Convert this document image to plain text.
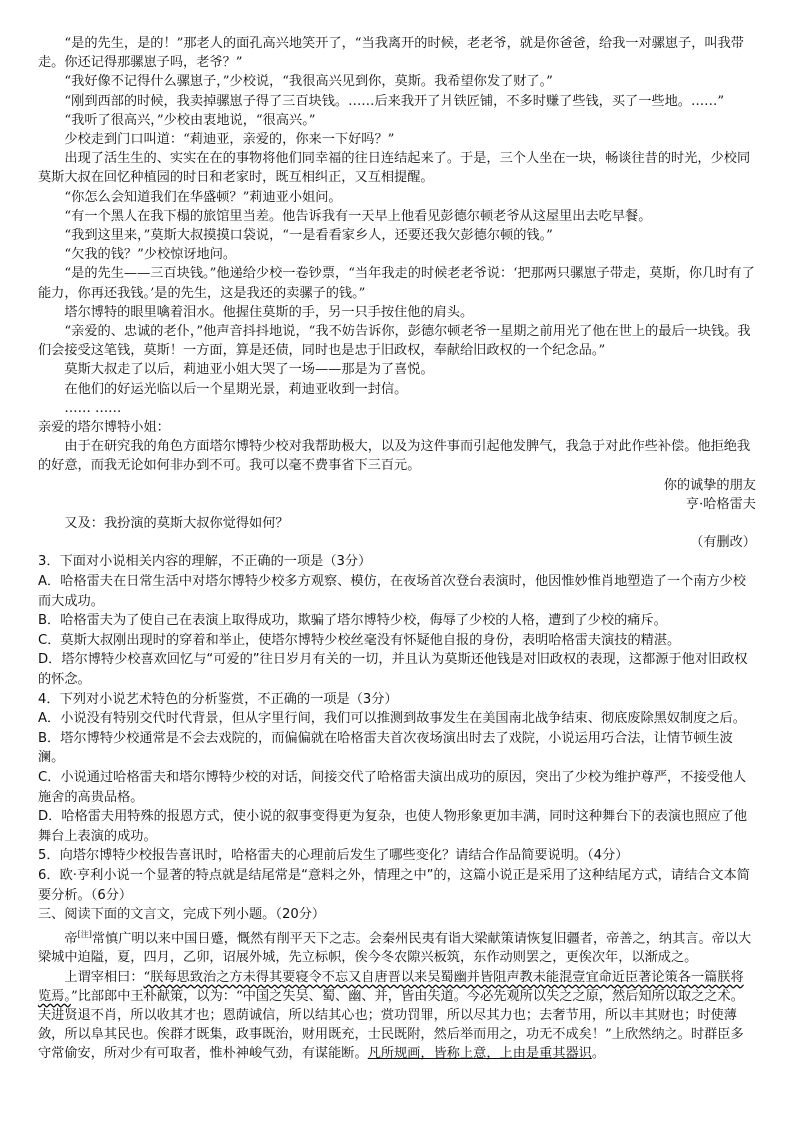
“是的先生，是的！”那老人的面孔高兴地笑开了，“当我离开的时候，老老爷，就是你爸爸，给我一对骡崽子，叫我带走。你还记得那骡崽子吗，老爷？”

“我好像不记得什么骡崽子，”少校说，“我很高兴见到你，莫斯。我希望你发了财了。”

“刚到西部的时候，我卖掉骡崽子得了三百块钱。……后来我开了爿铁匠铺，不多时赚了些钱，买了一些地。……”

“我听了很高兴，”少校由衷地说，“很高兴。”

少校走到门口叫道：“莉迪亚，亲爱的，你来一下好吗？”

出现了活生生的、实实在在的事物将他们同幸福的往日连结起来了。于是，三个人坐在一块，畅谈往昔的时光，少校同莫斯大叔在回忆种植园的时日和老家时，既互相纠正，又互相提醒。

“你怎么会知道我们在华盛顿？”莉迪亚小姐问。

“有一个黑人在我下榻的旅馆里当差。他告诉我有一天早上他看见彭德尔顿老爷从这屋里出去吃早餐。

“我到这里来，”莫斯大叔摸摸口袋说，“一是看看家乡人，还要还我欠彭德尔顿的钱。”

“欠我的钱？”少校惊讶地问。

“是的先生——三百块钱。”他递给少校一卷钞票，“当年我走的时候老老爷说：‘把那两只骡崽子带走，莫斯，你几时有了能力，你再还我钱。’是的先生，这是我还的卖骡子的钱。”

塔尔博特的眼里噙着泪水。他握住莫斯的手，另一只手按住他的肩头。

“亲爱的、忠诚的老仆，”他声音抖抖地说，“我不妨告诉你，彭德尔顿老爷一星期之前用光了他在世上的最后一块钱。我们会接受这笔钱，莫斯！一方面，算是还债，同时也是忠于旧政权，奉献给旧政权的一个纪念品。”

莫斯大叔走了以后，莉迪亚小姐大哭了一场——那是为了喜悦。

在他们的好运光临以后一个星期光景，莉迪亚收到一封信。

…… ……

亲爱的塔尔博特小姐：

由于在研究我的角色方面塔尔博特少校对我帮助极大，以及为这件事而引起他发脾气，我急于对此作些补偿。他拒绝我的好意，而我无论如何非办到不可。我可以毫不费事省下三百元。

你的诚挚的朋友

亨·哈格雷夫

又及：我扮演的莫斯大叔你觉得如何？

（有删改）

3．下面对小说相关内容的理解，不正确的一项是（3分）

A．哈格雷夫在日常生活中对塔尔博特少校多方观察、模仿，在夜场首次登台表演时，他因惟妙惟肖地塑造了一个南方少校而大成功。

B．哈格雷夫为了使自己在表演上取得成功，欺骗了塔尔博特少校，侮辱了少校的人格，遭到了少校的痛斥。

C．莫斯大叔刚出现时的穿着和举止，使塔尔博特少校丝毫没有怀疑他自报的身份，表明哈格雷夫演技的精湛。

D．塔尔博特少校喜欢回忆与“可爱的”往日岁月有关的一切，并且认为莫斯还他钱是对旧政权的表现，这都源于他对旧政权的怀念。

4．下列对小说艺术特色的分析鉴赏，不正确的一项是（3分）

A．小说没有特别交代时代背景，但从字里行间，我们可以推测到故事发生在美国南北战争结束、彻底废除黑奴制度之后。

B．塔尔博特少校通常是不会去戏院的，而偏偏就在哈格雷夫首次夜场演出时去了戏院，小说运用巧合法，让情节顿生波澜。

C．小说通过哈格雷夫和塔尔博特少校的对话，间接交代了哈格雷夫演出成功的原因，突出了少校为维护尊严，不接受他人施舍的高贵品格。

D．哈格雷夫用特殊的报恩方式，使小说的叙事变得更为复杂，也使人物形象更加丰满，同时这种舞台下的表演也照应了他舞台上表演的成功。

5．向塔尔博特少校报告喜讯时，哈格雷夫的心理前后发生了哪些变化？请结合作品简要说明。（4分）

6．欧·亨利小说一个显著的特点就是结尾常是“意料之外，情理之中”的，这篇小说正是采用了这种结尾方式，请结合文本简要分析。（6分）

三、阅读下面的文言文，完成下列小题。（20分）

帝[注]常慎广明以来中国日蹙，慨然有削平天下之志。会秦州民夷有诣大梁献策请恢复旧疆者，帝善之，纳其言。帝以大梁城中迫隘，夏，四月，乙卯，诏展外城，先立标帜，俟今冬农隙兴板筑，东作动则罢之，更俟次年，以渐成之。

上谓宰相曰：“朕每思致治之方未得其要寝令不忘又自唐晋以来吴蜀幽并皆阻声教未能混壹宜命近臣著论策各一篇朕将览焉。”比部郎中王朴献策，以为：“中国之失吴、蜀、幽、并，皆由失道。今必先观所以失之之原，然后知所以取之之术。夫进贤退不肖，所以收其才也；恩荫诚信，所以结其心也；赏功罚罪，所以尽其力也；去奢节用，所以丰其财也；时使薄敛，所以阜其民也。俟群才既集，政事既治，财用既充，士民既附，然后举而用之，功无不成矣！”上欣然纳之。时群臣多守常偷安，所对少有可取者，惟朴神峻气劲，有谋能断。凡所规画，皆称上意，上由是重其器识。
